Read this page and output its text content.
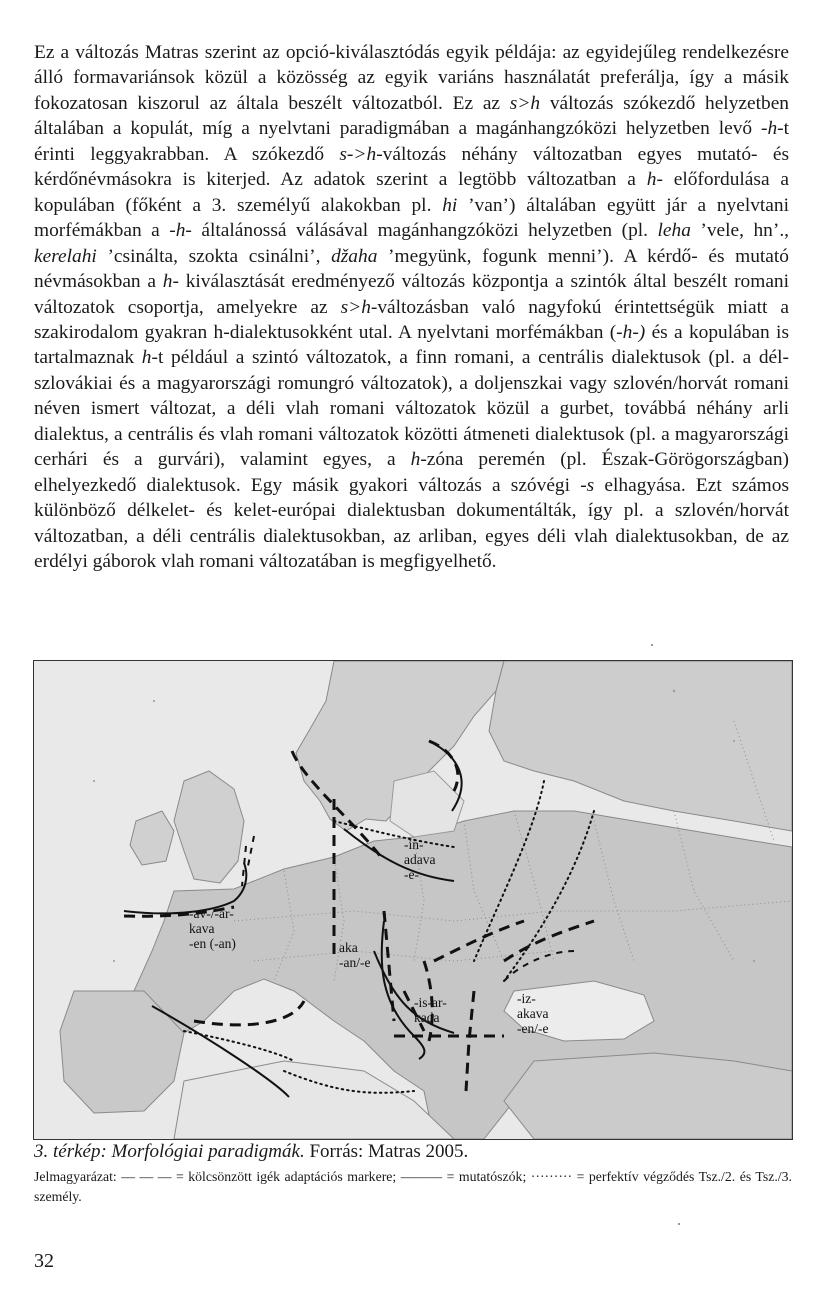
Ez a változás Matras szerint az opció-kiválasztódás egyik példája: az egyidejűleg rendelkezésre álló formavariánsok közül a közösség az egyik variáns használatát preferálja, így a másik fokozatosan kiszorul az általa beszélt változatból. Ez az s>h változás szókezdő helyzetben általában a kopulát, míg a nyelvtani paradigmában a magánhangzóközi helyzetben levő -h-t érinti leggyakrabban. A szókezdő s->h-változás néhány változatban egyes mutató- és kérdőnévmásokra is kiterjed. Az adatok szerint a legtöbb változatban a h- előfordulása a kopulában (főként a 3. személyű alakokban pl. hi ’van’) általában együtt jár a nyelvtani morfémákban a -h- általánossá válásával magánhangzóközi helyzetben (pl. leha ’vele, hn’., kerelahi ’csinálta, szokta csinálni’, džaha ’megyünk, fogunk menni’). A kérdő- és mutató névmásokban a h- kiválasztását eredményező változás központja a szintók által beszélt romani változatok csoportja, amelyekre az s>h-változásban való nagyfokú érintettségük miatt a szakirodalom gyakran h-dialektusokként utal. A nyelvtani morfémákban (-h-) és a kopulában is tartalmaznak h-t például a szintó változatok, a finn romani, a centrális dialektusok (pl. a dél-szlovákiai és a magyarországi romungró változatok), a doljenszkai vagy szlovén/horvát romani néven ismert változat, a déli vlah romani változatok közül a gurbet, továbbá néhány arli dialektus, a centrális és vlah romani változatok közötti átmeneti dialektusok (pl. a magyarországi cerhári és a gurvári), valamint egyes, a h-zóna peremén (pl. Észak-Görögországban) elhelyezkedő dialektusok. Egy másik gyakori változás a szóvégi -s elhagyása. Ezt számos különböző délkelet- és kelet-európai dialektusban dokumentálták, így pl. a szlovén/horvát változatban, a déli centrális dialektusokban, az arliban, egyes déli vlah dialektusokban, de az erdélyi gáborok vlah romani változatában is megfigyelhető.

-in-
adava
-e-
-av-/-ar-
kava
-en (-an)	aka
-an/-e
-is-ar-
kada
-iz-
akava
-en/-e
3. térkép: Morfológiai paradigmák. Forrás: Matras 2005.
Jelmagyarázat: — — — = kölcsönzött igék adaptációs markere; ——— = mutatószók; ········· = perfektív végződés Tsz./2. és Tsz./3. személy.
32
